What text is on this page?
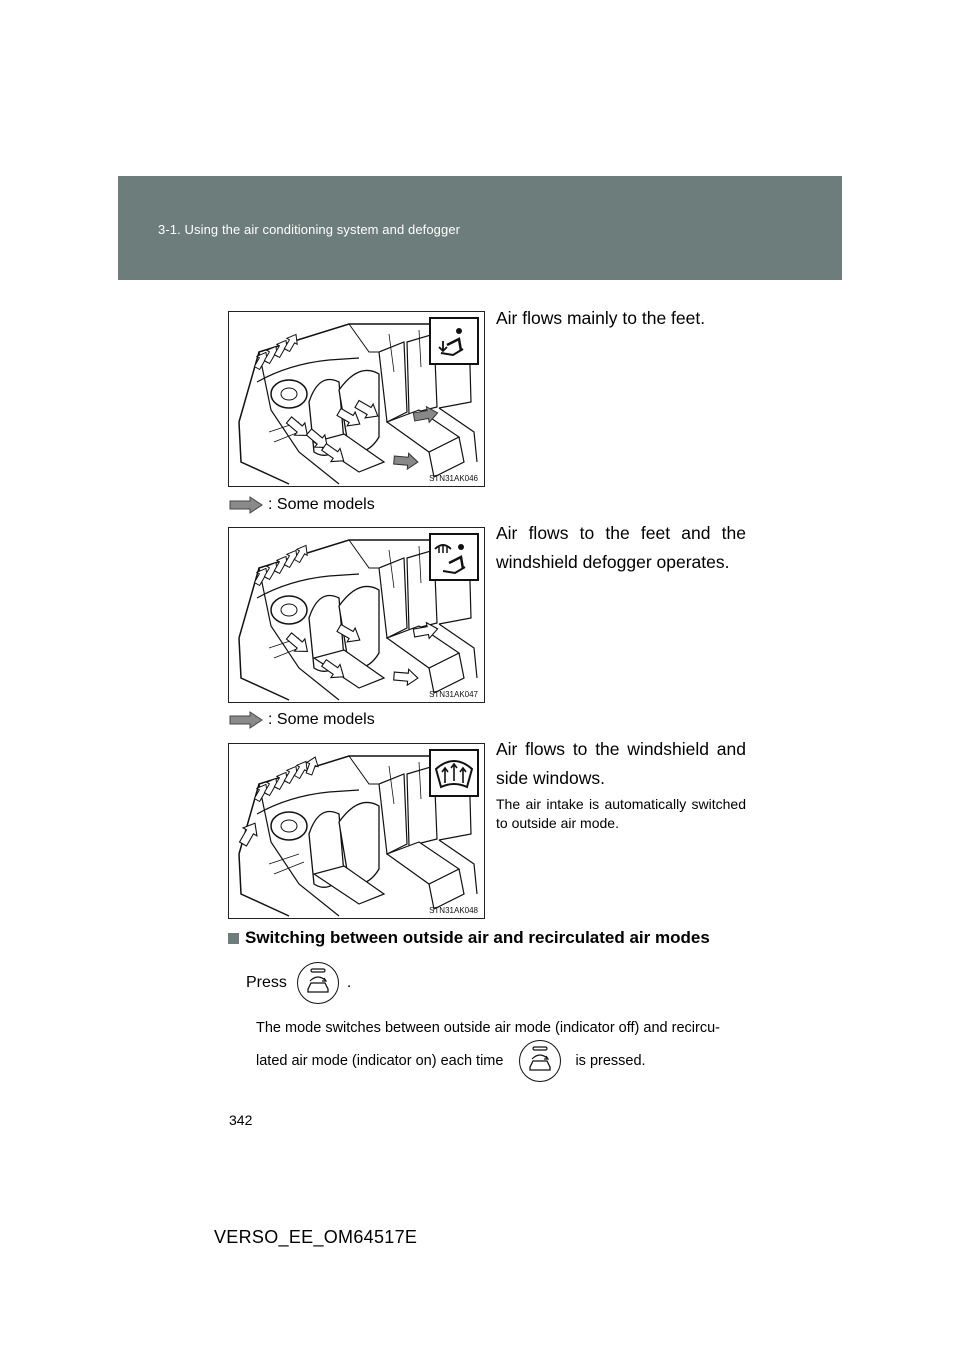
3-1. Using the air conditioning system and defogger
STN31AK046
Air flows mainly to the feet.
: Some models
STN31AK047
Air flows to the feet and the windshield defogger operates.
: Some models
STN31AK048
Air flows to the windshield and side windows.
The air intake is automatically switched to outside air mode.
Switching between outside air and recirculated air modes
Press	.
The mode switches between outside air mode (indicator off) and recircu-
lated air mode (indicator on) each time	is pressed.
342
VERSO_EE_OM64517E
